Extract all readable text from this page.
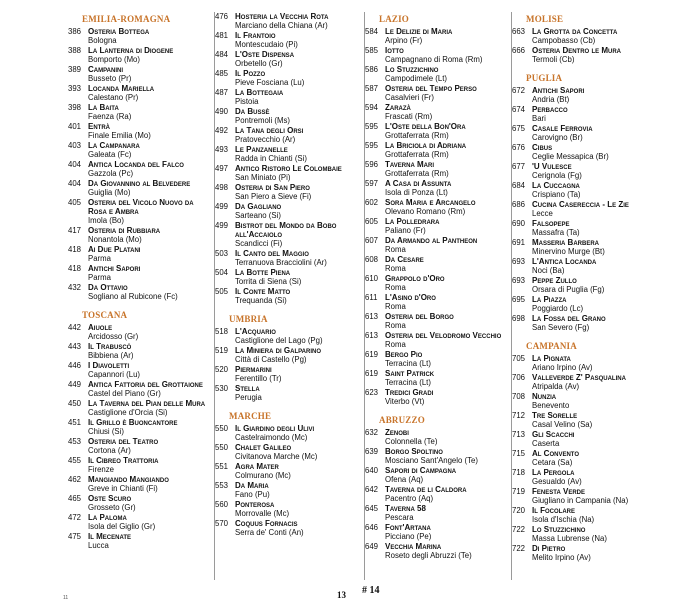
EMILIA-ROMAGNA
386 Osteria Bottega
Bologna
388 La Lanterna di Diogene
Bomporto (Mo)
389 Campanini
Busseto (Pr)
393 Locanda Mariella
Calestano (Pr)
398 La Baita
Faenza (Ra)
401 Entrà
Finale Emilia (Mo)
403 La Campanara
Galeata (Fc)
404 Antica Locanda del Falco
Gazzola (Pc)
404 Da Giovannino al Belvedere
Guiglia (Mo)
405 Osteria del Vicolo Nuovo da Rosa e Ambra
Imola (Bo)
417 Osteria di Rubbiara
Nonantola (Mo)
418 Ai Due Platani
Parma
418 Antichi Sapori
Parma
432 Da Ottavio
Sogliano al Rubicone (Fc)
TOSCANA
442 Aiuole
Arcidosso (Gr)
443 Il Trabuscò
Bibbiena (Ar)
446 I Diavoletti
Capannori (Lu)
449 Antica Fattoria del Grottaione
Castel del Piano (Gr)
450 La Taverna del Pian delle Mura
Castiglione d'Orcia (Si)
451 Il Grillo è Buoncantore
Chiusi (Si)
453 Osteria del Teatro
Cortona (Ar)
455 Il Cibreo Trattoria
Firenze
462 Mangiando Mangiando
Greve in Chianti (Fi)
465 Oste Scuro
Grosseto (Gr)
472 La Paloma
Isola del Giglio (Gr)
475 Il Mecenate
Lucca
476 Hosteria la Vecchia Rota
Marciano della Chiana (Ar)
481 Il Frantoio
Montescudaio (Pi)
484 L'Oste Dispensa
Orbetello (Gr)
485 Il Pozzo
Pieve Fosciana (Lu)
487 La Bottegaia
Pistoia
490 Da Bussè
Pontremoli (Ms)
492 La Tana degli Orsi
Pratovecchio (Ar)
493 Le Panzanelle
Radda in Chianti (Si)
497 Antico Ristoro Le Colombaie
San Miniato (Pi)
498 Osteria di San Piero
San Piero a Sieve (Fi)
499 Da Gagliano
Sarteano (Si)
499 Bistrot del Mondo da Bobo all'Accaiolo
Scandicci (Fi)
503 Il Canto del Maggio
Terranuova Bracciolini (Ar)
504 La Botte Piena
Torrita di Siena (Si)
505 Il Conte Matto
Trequanda (Si)
UMBRIA
518 L'Acquario
Castiglione del Lago (Pg)
519 La Miniera di Galparino
Città di Castello (Pg)
520 Piermarini
Ferentillo (Tr)
530 Stella
Perugia
MARCHE
550 Il Giardino degli Ulivi
Castelraimondo (Mc)
550 Chalet Galileo
Civitanova Marche (Mc)
551 Agra Mater
Colmurano (Mc)
553 Da Maria
Fano (Pu)
560 Ponterosa
Morrovalle (Mc)
570 Coquus Fornacis
Serra de' Conti (An)
LAZIO
584 Le Delizie di Maria
Arpino (Fr)
585 Iotto
Campagnano di Roma (Rm)
586 Lo Stuzzichino
Campodimele (Lt)
587 Osteria del Tempo Perso
Casalvieri (Fr)
594 Zarazà
Frascati (Rm)
595 L'Oste della Bon'Ora
Grottaferrata (Rm)
595 La Briciola di Adriana
Grottaferrata (Rm)
596 Taverna Mari
Grottaferrata (Rm)
597 A Casa di Assunta
Isola di Ponza (Lt)
602 Sora Maria e Arcangelo
Olevano Romano (Rm)
605 La Polledrara
Paliano (Fr)
607 Da Armando al Pantheon
Roma
608 Da Cesare
Roma
610 Grappolo d'Oro
Roma
611 L'Asino d'Oro
Roma
613 Osteria del Borgo
Roma
613 Osteria del Velodromo Vecchio
Roma
619 Bergo Pio
Terracina (Lt)
619 Saint Patrick
Terracina (Lt)
623 Tredici Gradi
Viterbo (Vt)
ABRUZZO
632 Zenobi
Colonnella (Te)
639 Borgo Spoltino
Mosciano Sant'Angelo (Te)
640 Sapori di Campagna
Ofena (Aq)
642 Taverna de li Caldora
Pacentro (Aq)
645 Taverna 58
Pescara
646 Font'Artana
Picciano (Pe)
649 Vecchia Marina
Roseto degli Abruzzi (Te)
MOLISE
663 La Grotta da Concetta
Campobasso (Cb)
666 Osteria Dentro le Mura
Termoli (Cb)
PUGLIA
672 Antichi Sapori
Andria (Bt)
674 Perbacco
Bari
675 Casale Ferrovia
Carovigno (Br)
676 Cibus
Ceglie Messapica (Br)
677 'U Vulesce
Cerignola (Fg)
684 La Cuccagna
Crispiano (Ta)
686 Cucina Casereccia - Le Zie
Lecce
690 Falsopepe
Massafra (Ta)
691 Masseria Barbera
Minervino Murge (Bt)
693 L'Antica Locanda
Noci (Ba)
693 Peppe Zullo
Orsara di Puglia (Fg)
695 La Piazza
Poggiardo (Lc)
698 La Fossa del Grano
San Severo (Fg)
CAMPANIA
705 La Pignata
Ariano Irpino (Av)
706 Valleverde Z' Pasqualina
Atripalda (Av)
708 Nunzia
Benevento
712 Tre Sorelle
Casal Velino (Sa)
713 Gli Scacchi
Caserta
715 Al Convento
Cetara (Sa)
718 La Pergola
Gesualdo (Av)
719 Fenesta Verde
Giugliano in Campania (Na)
720 Il Focolare
Isola d'Ischia (Na)
722 Lo Stuzzichino
Massa Lubrense (Na)
722 Di Pietro
Melito Irpino (Av)
11	13 # 14
